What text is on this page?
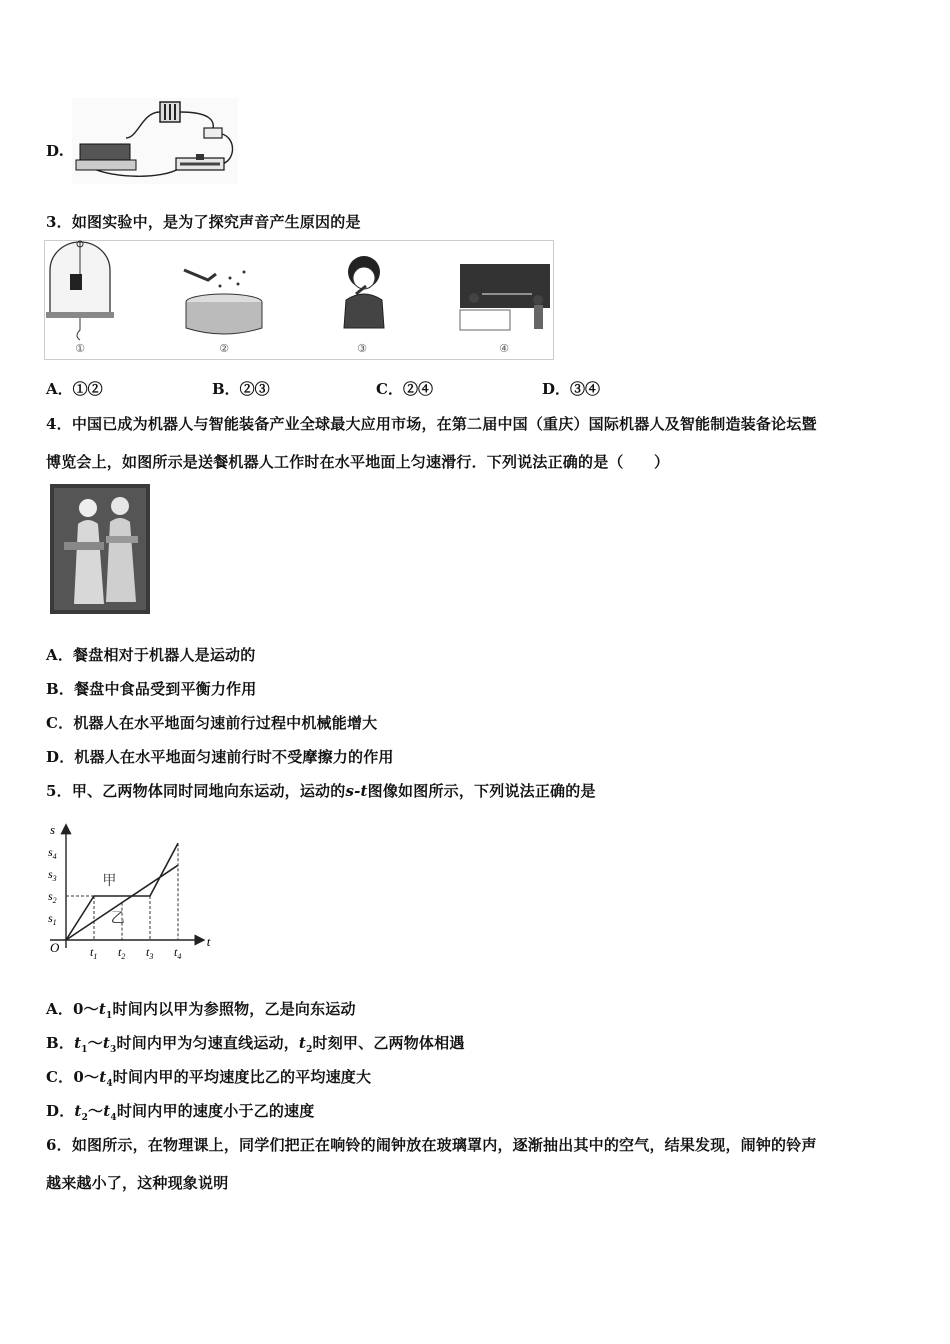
D.
3．如图实验中，是为了探究声音产生原因的是
①	②	③	④
A．①②	B．②③	C．②④	D．③④
4．中国已成为机器人与智能装备产业全球最大应用市场，在第二届中国（重庆）国际机器人及智能制造装备论坛暨
博览会上，如图所示是送餐机器人工作时在水平地面上匀速滑行．下列说法正确的是（　　）
A．餐盘相对于机器人是运动的
B．餐盘中食品受到平衡力作用
C．机器人在水平地面匀速前行过程中机械能增大
D．机器人在水平地面匀速前行时不受摩擦力的作用
5．甲、乙两物体同时同地向东运动，运动的s-t图像如图所示，下列说法正确的是
t
s
O	$t_1$ $t_2$ $t_3$ $t_4$
$s_1$
$s_2$
$s_3$
$s_4$
甲
乙
A．$0\sim t_1$时间内以甲为参照物，乙是向东运动
B．$t_1\sim t_3$时间内甲为匀速直线运动，$t_2$时刻甲、乙两物体相遇
C．$0\sim t_4$时间内甲的平均速度比乙的平均速度大
D．$t_2\sim t_4$时间内甲的速度小于乙的速度
6．如图所示，在物理课上，同学们把正在响铃的闹钟放在玻璃罩内，逐渐抽出其中的空气，结果发现，闹钟的铃声
越来越小了，这种现象说明
